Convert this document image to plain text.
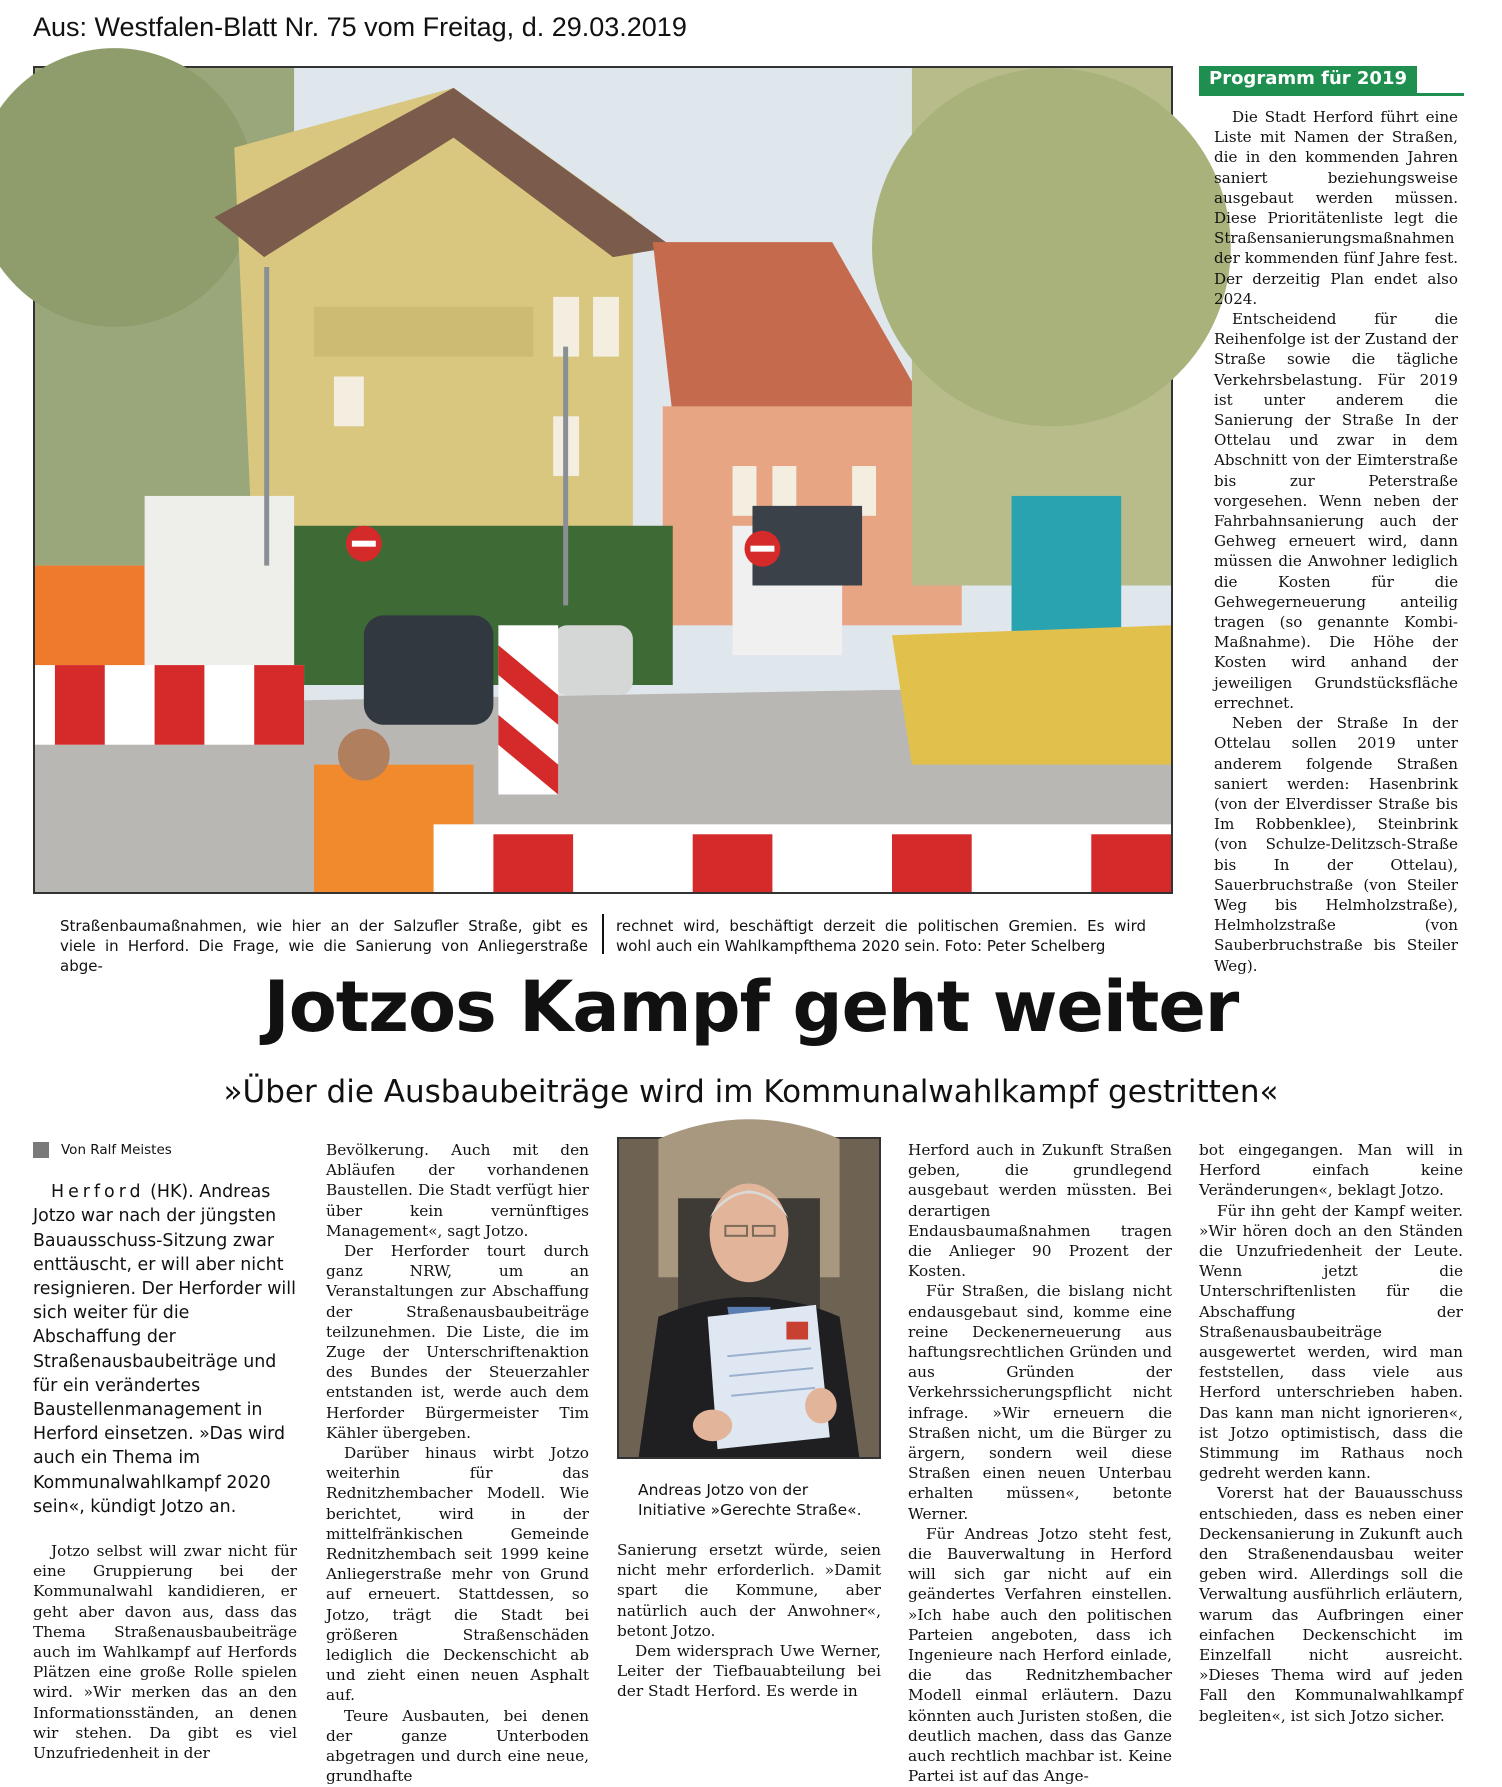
Aus: Westfalen-Blatt Nr. 75 vom Freitag, d. 29.03.2019
Programm für 2019

Die Stadt Herford führt eine Liste mit Namen der Straßen, die in den kommenden Jahren saniert beziehungsweise ausgebaut werden müssen. Diese Prioritätenliste legt die Straßensanierungsmaßnahmen der kommenden fünf Jahre fest. Der derzeitig Plan endet also 2024.

Entscheidend für die Reihenfolge ist der Zustand der Straße sowie die tägliche Verkehrsbelastung. Für 2019 ist unter anderem die Sanierung der Straße In der Ottelau und zwar in dem Abschnitt von der Eimterstraße bis zur Peterstraße vorgesehen. Wenn neben der Fahrbahnsanierung auch der Gehweg erneuert wird, dann müssen die Anwohner lediglich die Kosten für die Gehwegerneuerung anteilig tragen (so genannte Kombi-Maßnahme). Die Höhe der Kosten wird anhand der jeweiligen Grundstücksfläche errechnet.

Neben der Straße In der Ottelau sollen 2019 unter anderem folgende Straßen saniert werden: Hasenbrink (von der Elverdisser Straße bis Im Robbenklee), Steinbrink (von Schulze-Delitzsch-Straße bis In der Ottelau), Sauerbruchstraße (von Steiler Weg bis Helmholzstraße), Helmholzstraße (von Sauberbruchstraße bis Steiler Weg).

Straßenbaumaßnahmen, wie hier an der Salzufler Straße, gibt es viele in Herford. Die Frage, wie die Sanierung von Anliegerstraße abge-
rechnet wird, beschäftigt derzeit die politischen Gremien. Es wird wohl auch ein Wahlkampfthema 2020 sein. Foto: Peter Schelberg
Jotzos Kampf geht weiter
»Über die Ausbaubeiträge wird im Kommunalwahlkampf gestritten«
Von Ralf Meistes
Herford (HK). Andreas Jotzo war nach der jüngsten Bauausschuss-Sitzung zwar enttäuscht, er will aber nicht resignieren. Der Herforder will sich weiter für die Abschaffung der Straßenausbaubeiträge und für ein verändertes Baustellenmanagement in Herford einsetzen. »Das wird auch ein Thema im Kommunalwahlkampf 2020 sein«, kündigt Jotzo an.

Jotzo selbst will zwar nicht für eine Gruppierung bei der Kommunalwahl kandidieren, er geht aber davon aus, dass das Thema Straßenausbaubeiträge auch im Wahlkampf auf Herfords Plätzen eine große Rolle spielen wird. »Wir merken das an den Informationsständen, an denen wir stehen. Da gibt es viel Unzufriedenheit in der

Bevölkerung. Auch mit den Abläufen der vorhandenen Baustellen. Die Stadt verfügt hier über kein vernünftiges Management«, sagt Jotzo.

Der Herforder tourt durch ganz NRW, um an Veranstaltungen zur Abschaffung der Straßenausbaubeiträge teilzunehmen. Die Liste, die im Zuge der Unterschriftenaktion des Bundes der Steuerzahler entstanden ist, werde auch dem Herforder Bürgermeister Tim Kähler übergeben.

Darüber hinaus wirbt Jotzo weiterhin für das Rednitzhembacher Modell. Wie berichtet, wird in der mittelfränkischen Gemeinde Rednitzhembach seit 1999 keine Anliegerstraße mehr von Grund auf erneuert. Stattdessen, so Jotzo, trägt die Stadt bei größeren Straßenschäden lediglich die Deckenschicht ab und zieht einen neuen Asphalt auf.

Teure Ausbauten, bei denen der ganze Unterboden abgetragen und durch eine neue, grundhafte

Andreas Jotzo von der Initiative »Gerechte Straße«.

Sanierung ersetzt würde, seien nicht mehr erforderlich. »Damit spart die Kommune, aber natürlich auch der Anwohner«, betont Jotzo.

Dem widersprach Uwe Werner, Leiter der Tiefbauabteilung bei der Stadt Herford. Es werde in

Herford auch in Zukunft Straßen geben, die grundlegend ausgebaut werden müssten. Bei derartigen Endausbaumaßnahmen tragen die Anlieger 90 Prozent der Kosten.

Für Straßen, die bislang nicht endausgebaut sind, komme eine reine Deckenerneuerung aus haftungsrechtlichen Gründen und aus Gründen der Verkehrssicherungspflicht nicht infrage. »Wir erneuern die Straßen nicht, um die Bürger zu ärgern, sondern weil diese Straßen einen neuen Unterbau erhalten müssen«, betonte Werner.

Für Andreas Jotzo steht fest, die Bauverwaltung in Herford will sich gar nicht auf ein geändertes Verfahren einstellen. »Ich habe auch den politischen Parteien angeboten, dass ich Ingenieure nach Herford einlade, die das Rednitzhembacher Modell einmal erläutern. Dazu könnten auch Juristen stoßen, die deutlich machen, dass das Ganze auch rechtlich machbar ist. Keine Partei ist auf das Ange-

bot eingegangen. Man will in Herford einfach keine Veränderungen«, beklagt Jotzo.

Für ihn geht der Kampf weiter. »Wir hören doch an den Ständen die Unzufriedenheit der Leute. Wenn jetzt die Unterschriftenlisten für die Abschaffung der Straßenausbaubeiträge ausgewertet werden, wird man feststellen, dass viele aus Herford unterschrieben haben. Das kann man nicht ignorieren«, ist Jotzo optimistisch, dass die Stimmung im Rathaus noch gedreht werden kann.

Vorerst hat der Bauausschuss entschieden, dass es neben einer Deckensanierung in Zukunft auch den Straßenendausbau weiter geben wird. Allerdings soll die Verwaltung ausführlich erläutern, warum das Aufbringen einer einfachen Deckenschicht im Einzelfall nicht ausreicht. »Dieses Thema wird auf jeden Fall den Kommunalwahlkampf begleiten«, ist sich Jotzo sicher.
